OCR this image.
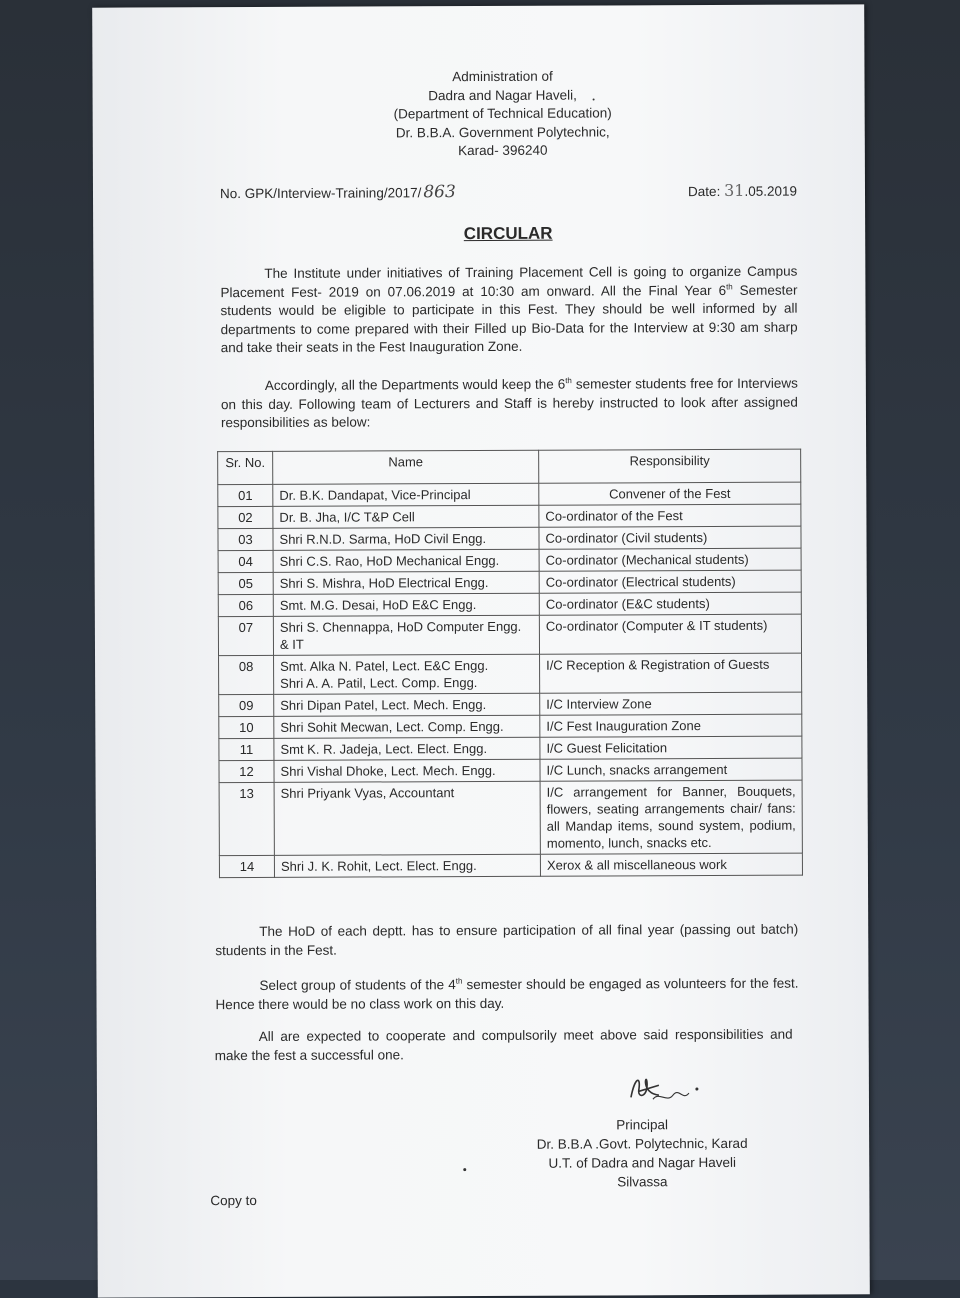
Administration of
Dadra and Nagar Haveli,
(Department of Technical Education)
Dr. B.B.A. Government Polytechnic,
Karad- 396240
No. GPK/Interview-Training/2017/ 863	Date: 31.05.2019
CIRCULAR
The Institute under initiatives of Training Placement Cell is going to organize Campus Placement Fest- 2019 on 07.06.2019 at 10:30 am onward. All the Final Year 6th Semester students would be eligible to participate in this Fest. They should be well informed by all departments to come prepared with their Filled up Bio-Data for the Interview at 9:30 am sharp and take their seats in the Fest Inauguration Zone.
Accordingly, all the Departments would keep the 6th semester students free for Interviews on this day. Following team of Lecturers and Staff is hereby instructed to look after assigned responsibilities as below:
Sr. No.	Name	Responsibility
01	Dr. B.K. Dandapat, Vice-Principal	Convener of the Fest
02	Dr. B. Jha, I/C T&P Cell	Co-ordinator of the Fest
03	Shri R.N.D. Sarma, HoD Civil Engg.	Co-ordinator (Civil students)
04	Shri C.S. Rao, HoD Mechanical Engg.	Co-ordinator (Mechanical students)
05	Shri S. Mishra, HoD Electrical Engg.	Co-ordinator (Electrical students)
06	Smt. M.G. Desai, HoD E&C Engg.	Co-ordinator (E&C students)
07	Shri S. Chennappa, HoD Computer Engg. & IT	Co-ordinator (Computer & IT students)
08	Smt. Alka N. Patel, Lect. E&C Engg.
Shri A. A. Patil, Lect. Comp. Engg.	I/C Reception & Registration of Guests
09	Shri Dipan Patel, Lect. Mech. Engg.	I/C Interview Zone
10	Shri Sohit Mecwan, Lect. Comp. Engg.	I/C Fest Inauguration Zone
11	Smt K. R. Jadeja, Lect. Elect. Engg.	I/C Guest Felicitation
12	Shri Vishal Dhoke, Lect. Mech. Engg.	I/C Lunch, snacks arrangement
13	Shri Priyank Vyas, Accountant	I/C arrangement for Banner, Bouquets, flowers, seating arrangements chair/ fans: all Mandap items, sound system, podium, momento, lunch, snacks etc.
14	Shri J. K. Rohit, Lect. Elect. Engg.	Xerox & all miscellaneous work
The HoD of each deptt. has to ensure participation of all final year (passing out batch) students in the Fest.
Select group of students of the 4th semester should be engaged as volunteers for the fest. Hence there would be no class work on this day.
All are expected to cooperate and compulsorily meet above said responsibilities and make the fest a successful one.
Principal
Dr. B.B.A .Govt. Polytechnic, Karad
U.T. of Dadra and Nagar Haveli
Silvassa
Copy to
